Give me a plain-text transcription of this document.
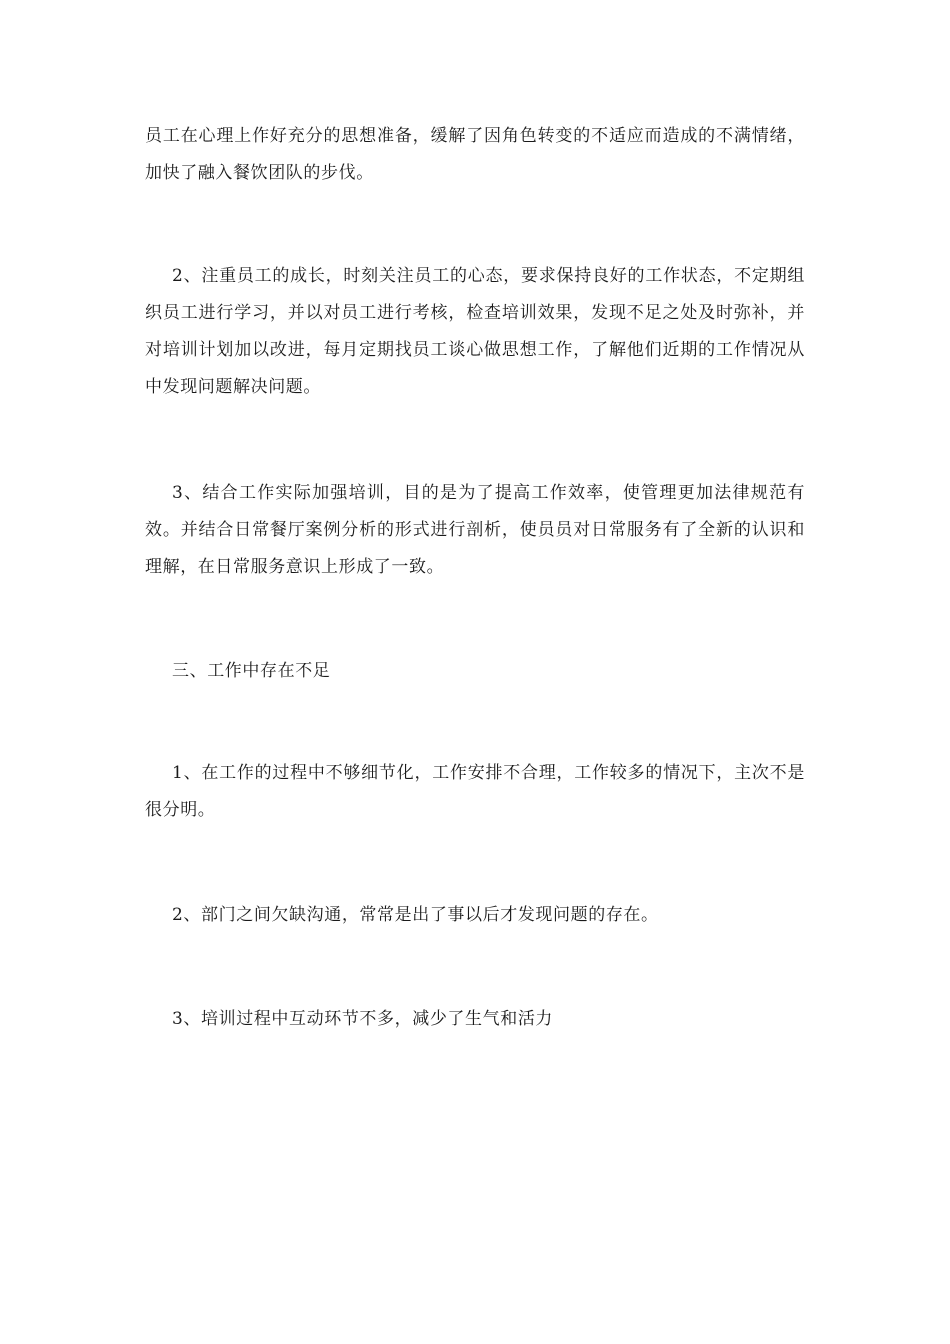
员工在心理上作好充分的思想准备，缓解了因角色转变的不适应而造成的不满情绪，加快了融入餐饮团队的步伐。

2、注重员工的成长，时刻关注员工的心态，要求保持良好的工作状态，不定期组织员工进行学习，并以对员工进行考核，检查培训效果，发现不足之处及时弥补，并对培训计划加以改进，每月定期找员工谈心做思想工作，了解他们近期的工作情况从中发现问题解决问题。

3、结合工作实际加强培训，目的是为了提高工作效率，使管理更加法律规范有效。并结合日常餐厅案例分析的形式进行剖析，使员员对日常服务有了全新的认识和理解，在日常服务意识上形成了一致。

三、工作中存在不足

1、在工作的过程中不够细节化，工作安排不合理，工作较多的情况下，主次不是很分明。

2、部门之间欠缺沟通，常常是出了事以后才发现问题的存在。

3、培训过程中互动环节不多，减少了生气和活力
